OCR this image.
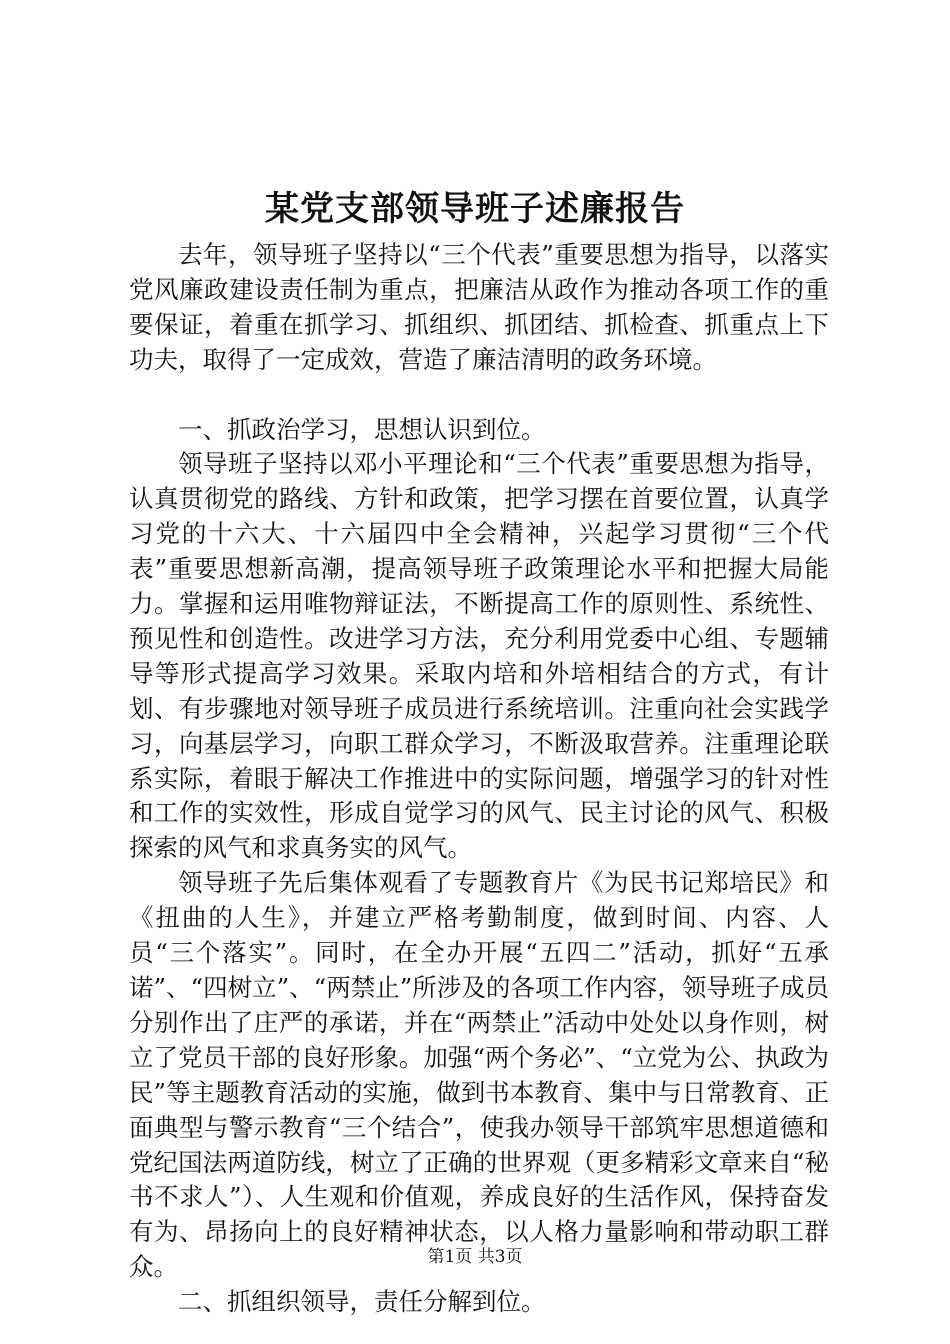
某党支部领导班子述廉报告

去年，领导班子坚持以“三个代表”重要思想为指导，以落实党风廉政建设责任制为重点，把廉洁从政作为推动各项工作的重要保证，着重在抓学习、抓组织、抓团结、抓检查、抓重点上下功夫，取得了一定成效，营造了廉洁清明的政务环境。

一、抓政治学习，思想认识到位。

领导班子坚持以邓小平理论和“三个代表”重要思想为指导，认真贯彻党的路线、方针和政策，把学习摆在首要位置，认真学习党的十六大、十六届四中全会精神，兴起学习贯彻“三个代表”重要思想新高潮，提高领导班子政策理论水平和把握大局能力。掌握和运用唯物辩证法，不断提高工作的原则性、系统性、预见性和创造性。改进学习方法，充分利用党委中心组、专题辅导等形式提高学习效果。采取内培和外培相结合的方式，有计划、有步骤地对领导班子成员进行系统培训。注重向社会实践学习，向基层学习，向职工群众学习，不断汲取营养。注重理论联系实际，着眼于解决工作推进中的实际问题，增强学习的针对性和工作的实效性，形成自觉学习的风气、民主讨论的风气、积极探索的风气和求真务实的风气。

领导班子先后集体观看了专题教育片《为民书记郑培民》和《扭曲的人生》，并建立严格考勤制度，做到时间、内容、人员“三个落实”。同时，在全办开展“五四二”活动，抓好“五承诺”、“四树立”、“两禁止”所涉及的各项工作内容，领导班子成员分别作出了庄严的承诺，并在“两禁止”活动中处处以身作则，树立了党员干部的良好形象。加强“两个务必”、“立党为公、执政为民”等主题教育活动的实施，做到书本教育、集中与日常教育、正面典型与警示教育“三个结合”，使我办领导干部筑牢思想道德和党纪国法两道防线，树立了正确的世界观（更多精彩文章来自“秘书不求人”）、人生观和价值观，养成良好的生活作风，保持奋发有为、昂扬向上的良好精神状态，以人格力量影响和带动职工群众。

二、抓组织领导，责任分解到位。

第1页 共3页
